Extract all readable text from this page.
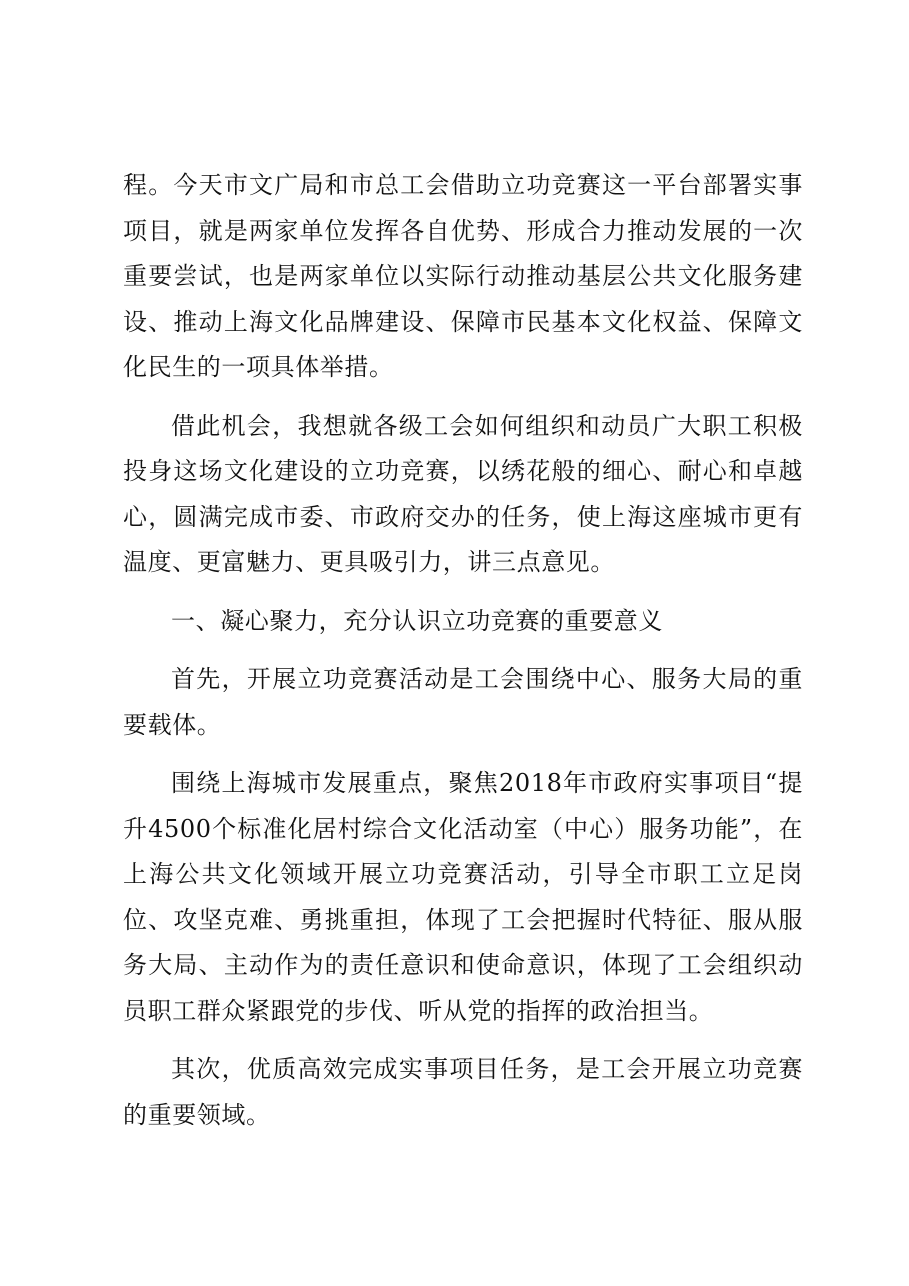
程。今天市文广局和市总工会借助立功竞赛这一平台部署实事
项目，就是两家单位发挥各自优势、形成合力推动发展的一次
重要尝试，也是两家单位以实际行动推动基层公共文化服务建
设、推动上海文化品牌建设、保障市民基本文化权益、保障文
化民生的一项具体举措。
借此机会，我想就各级工会如何组织和动员广大职工积极
投身这场文化建设的立功竞赛，以绣花般的细心、耐心和卓越
心，圆满完成市委、市政府交办的任务，使上海这座城市更有
温度、更富魅力、更具吸引力，讲三点意见。
一、凝心聚力，充分认识立功竞赛的重要意义
首先，开展立功竞赛活动是工会围绕中心、服务大局的重
要载体。
围绕上海城市发展重点，聚焦2018年市政府实事项目“提
升4500个标准化居村综合文化活动室（中心）服务功能”，在
上海公共文化领域开展立功竞赛活动，引导全市职工立足岗
位、攻坚克难、勇挑重担，体现了工会把握时代特征、服从服
务大局、主动作为的责任意识和使命意识，体现了工会组织动
员职工群众紧跟党的步伐、听从党的指挥的政治担当。
其次，优质高效完成实事项目任务，是工会开展立功竞赛
的重要领域。
